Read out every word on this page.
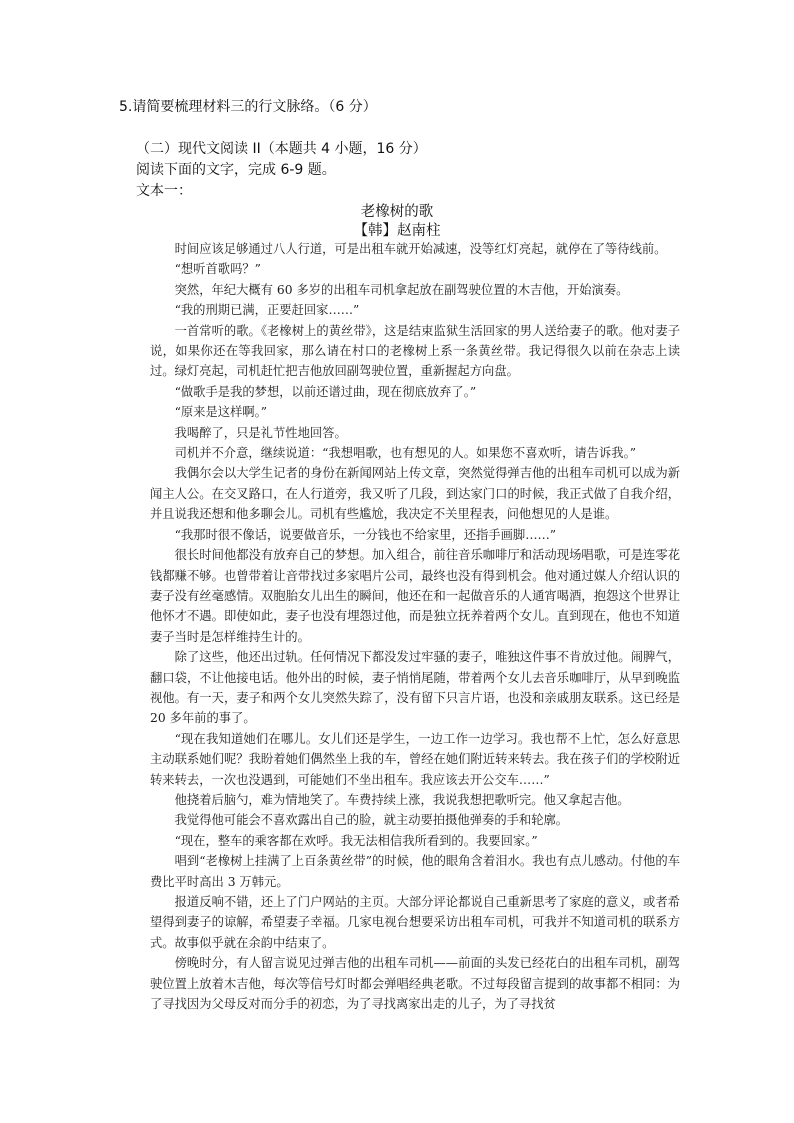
5.请简要梳理材料三的行文脉络。（6 分）
（二）现代文阅读 II（本题共 4 小题，16 分）
阅读下面的文字，完成 6-9 题。
文本一：
老橡树的歌
【韩】赵南柱

时间应该足够通过八人行道，可是出租车就开始减速，没等红灯亮起，就停在了等待线前。

“想听首歌吗？”

突然，年纪大概有 60 多岁的出租车司机拿起放在副驾驶位置的木吉他，开始演奏。

“我的刑期已满，正要赶回家……”

一首常听的歌。《老橡树上的黄丝带》，这是结束监狱生活回家的男人送给妻子的歌。他对妻子说，如果你还在等我回家，那么请在村口的老橡树上系一条黄丝带。我记得很久以前在杂志上读过。绿灯亮起，司机赶忙把吉他放回副驾驶位置，重新握起方向盘。

“做歌手是我的梦想，以前还谱过曲，现在彻底放弃了。”

“原来是这样啊。”

我喝醉了，只是礼节性地回答。

司机并不介意，继续说道：“我想唱歌，也有想见的人。如果您不喜欢听，请告诉我。”

我偶尔会以大学生记者的身份在新闻网站上传文章，突然觉得弹吉他的出租车司机可以成为新闻主人公。在交叉路口，在人行道旁，我又听了几段，到达家门口的时候，我正式做了自我介绍，并且说我还想和他多聊会儿。司机有些尴尬，我决定不关里程表，问他想见的人是谁。

“我那时很不像话，说要做音乐，一分钱也不给家里，还指手画脚……”

很长时间他都没有放弃自己的梦想。加入组合，前往音乐咖啡厅和活动现场唱歌，可是连零花钱都赚不够。也曾带着让音带找过多家唱片公司，最终也没有得到机会。他对通过媒人介绍认识的妻子没有丝毫感情。双胞胎女儿出生的瞬间，他还在和一起做音乐的人通宵喝酒，抱怨这个世界让他怀才不遇。即使如此，妻子也没有埋怨过他，而是独立抚养着两个女儿。直到现在，他也不知道妻子当时是怎样维持生计的。

除了这些，他还出过轨。任何情况下都没发过牢骚的妻子，唯独这件事不肯放过他。闹脾气，翻口袋，不让他接电话。他外出的时候，妻子悄悄尾随，带着两个女儿去音乐咖啡厅，从早到晚监视他。有一天，妻子和两个女儿突然失踪了，没有留下只言片语，也没和亲戚朋友联系。这已经是 20 多年前的事了。

“现在我知道她们在哪儿。女儿们还是学生，一边工作一边学习。我也帮不上忙，怎么好意思主动联系她们呢？我盼着她们偶然坐上我的车，曾经在她们附近转来转去。我在孩子们的学校附近转来转去，一次也没遇到，可能她们不坐出租车。我应该去开公交车……”

他挠着后脑勺，难为情地笑了。车费持续上涨，我说我想把歌听完。他又拿起吉他。

我觉得他可能会不喜欢露出自己的脸，就主动要拍摄他弹奏的手和轮廓。

“现在，整车的乘客都在欢呼。我无法相信我所看到的。我要回家。”

唱到“老橡树上挂满了上百条黄丝带”的时候，他的眼角含着泪水。我也有点儿感动。付他的车费比平时高出 3 万韩元。

报道反响不错，还上了门户网站的主页。大部分评论都说自己重新思考了家庭的意义，或者希望得到妻子的谅解，希望妻子幸福。几家电视台想要采访出租车司机，可我并不知道司机的联系方式。故事似乎就在余韵中结束了。

傍晚时分，有人留言说见过弹吉他的出租车司机——前面的头发已经花白的出租车司机，副驾驶位置上放着木吉他，每次等信号灯时都会弹唱经典老歌。不过每段留言提到的故事都不相同：为了寻找因为父母反对而分手的初恋，为了寻找离家出走的儿子，为了寻找贫
